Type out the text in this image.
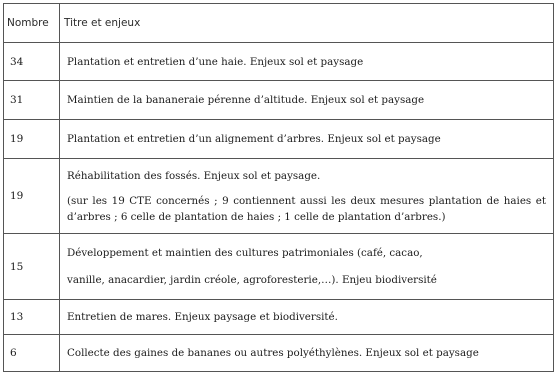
Nombre	Titre et enjeux
34	Plantation et entretien d’une haie. Enjeux sol et paysage
31	Maintien de la bananeraie pérenne d’altitude. Enjeux sol et paysage
19	Plantation et entretien d’un alignement d’arbres. Enjeux sol et paysage
19	Réhabilitation des fossés. Enjeux sol et paysage.

(sur les 19 CTE concernés ; 9 contiennent aussi les deux mesures plantation de haies et d’arbres ; 6 celle de plantation de haies ; 1 celle de plantation d’arbres.)

15	Développement et maintien des cultures patrimoniales (café, cacao,

vanille, anacardier, jardin créole, agroforesterie,…). Enjeu biodiversité

13	Entretien de mares. Enjeux paysage et biodiversité.
6	Collecte des gaines de bananes ou autres polyéthylènes. Enjeux sol et paysage
